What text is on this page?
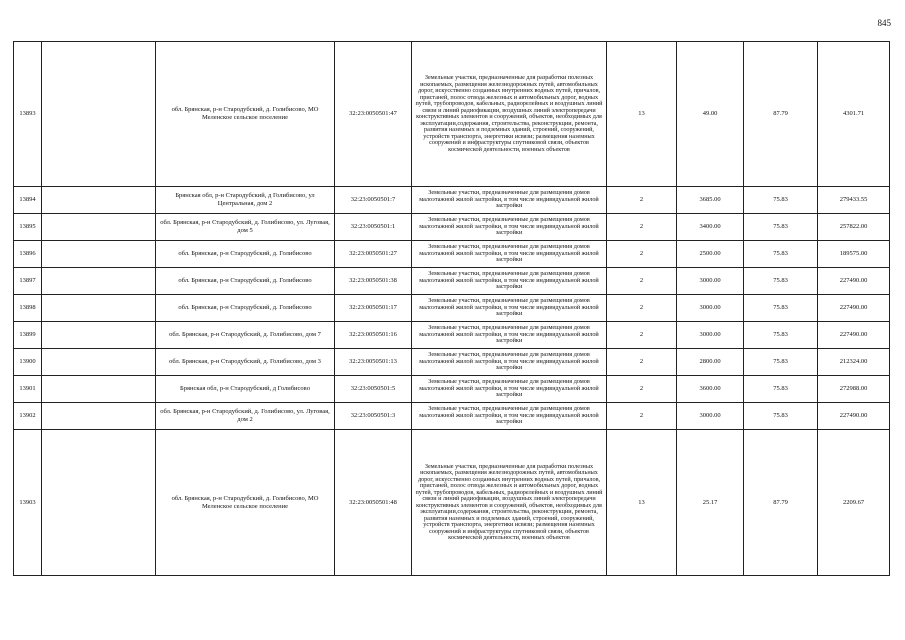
845
13893		обл. Брянская, р-н Стародубский, д. Голибисово, МО Меленское сельское поселение	32:23:0050501:47	Земельные участки, предназначенные для разработки полезных ископаемых, размещения железнодорожных путей, автомобильных дорог, искусственно созданных внутренних водных путей, причалов, пристаней, полос отвода железных и автомобильных дорог, водных путей, трубопроводов, кабельных, радиорелейных и воздушных линий связи и линий радиофикации, воздушных линий электропередачи конструктивных элементов и сооружений, объектов, необходимых для эксплуатации,содержания, строительства, реконструкции, ремонта, развития наземных и подземных зданий, строений, сооружений, устройств транспорта, энергетики исвязи; размещения наземных сооружений и инфраструктуры спутниковой связи, объектов космической деятельности, военных объектов	13	49.00	87.79	4301.71
13894		Брянская обл, р-н Стародубский, д Голибисово, ул Центральная, дом 2	32:23:0050501:7	Земельные участки, предназначенные для размещения домов малоэтажной жилой застройки, в том числе индивидуальной жилой застройки	2	3685.00	75.83	279433.55
13895		обл. Брянская, р-н Стародубский, д. Голибисово, ул. Луговая, дом 5	32:23:0050501:1	Земельные участки, предназначенные для размещения домов малоэтажной жилой застройки, в том числе индивидуальной жилой застройки	2	3400.00	75.83	257822.00
13896		обл. Брянская, р-н Стародубский, д. Голибисово	32:23:0050501:27	Земельные участки, предназначенные для размещения домов малоэтажной жилой застройки, в том числе индивидуальной жилой застройки	2	2500.00	75.83	189575.00
13897		обл. Брянская, р-н Стародубский, д. Голибисово	32:23:0050501:38	Земельные участки, предназначенные для размещения домов малоэтажной жилой застройки, в том числе индивидуальной жилой застройки	2	3000.00	75.83	227490.00
13898		обл. Брянская, р-н Стародубский, д. Голибисово	32:23:0050501:17	Земельные участки, предназначенные для размещения домов малоэтажной жилой застройки, в том числе индивидуальной жилой застройки	2	3000.00	75.83	227490.00
13899		обл. Брянская, р-н Стародубский, д. Голибисово, дом 7	32:23:0050501:16	Земельные участки, предназначенные для размещения домов малоэтажной жилой застройки, в том числе индивидуальной жилой застройки	2	3000.00	75.83	227490.00
13900		обл. Брянская, р-н Стародубский, д. Голибисово, дом 3	32:23:0050501:13	Земельные участки, предназначенные для размещения домов малоэтажной жилой застройки, в том числе индивидуальной жилой застройки	2	2800.00	75.83	212324.00
13901		Брянская обл, р-н Стародубский, д Голибисово	32:23:0050501:5	Земельные участки, предназначенные для размещения домов малоэтажной жилой застройки, в том числе индивидуальной жилой застройки	2	3600.00	75.83	272988.00
13902		обл. Брянская, р-н Стародубский, д. Голибисово, ул. Луговая, дом 2	32:23:0050501:3	Земельные участки, предназначенные для размещения домов малоэтажной жилой застройки, в том числе индивидуальной жилой застройки	2	3000.00	75.83	227490.00
13903		обл. Брянская, р-н Стародубский, д. Голибисово, МО Меленское сельское поселение	32:23:0050501:48	Земельные участки, предназначенные для разработки полезных ископаемых, размещения железнодорожных путей, автомобильных дорог, искусственно созданных внутренних водных путей, причалов, пристаней, полос отвода железных и автомобильных дорог, водных путей, трубопроводов, кабельных, радиорелейных и воздушных линий связи и линий радиофикации, воздушных линий электропередачи конструктивных элементов и сооружений, объектов, необходимых для эксплуатации,содержания, строительства, реконструкции, ремонта, развития наземных и подземных зданий, строений, сооружений, устройств транспорта, энергетики исвязи; размещения наземных сооружений и инфраструктуры спутниковой связи, объектов космической деятельности, военных объектов	13	25.17	87.79	2209.67
